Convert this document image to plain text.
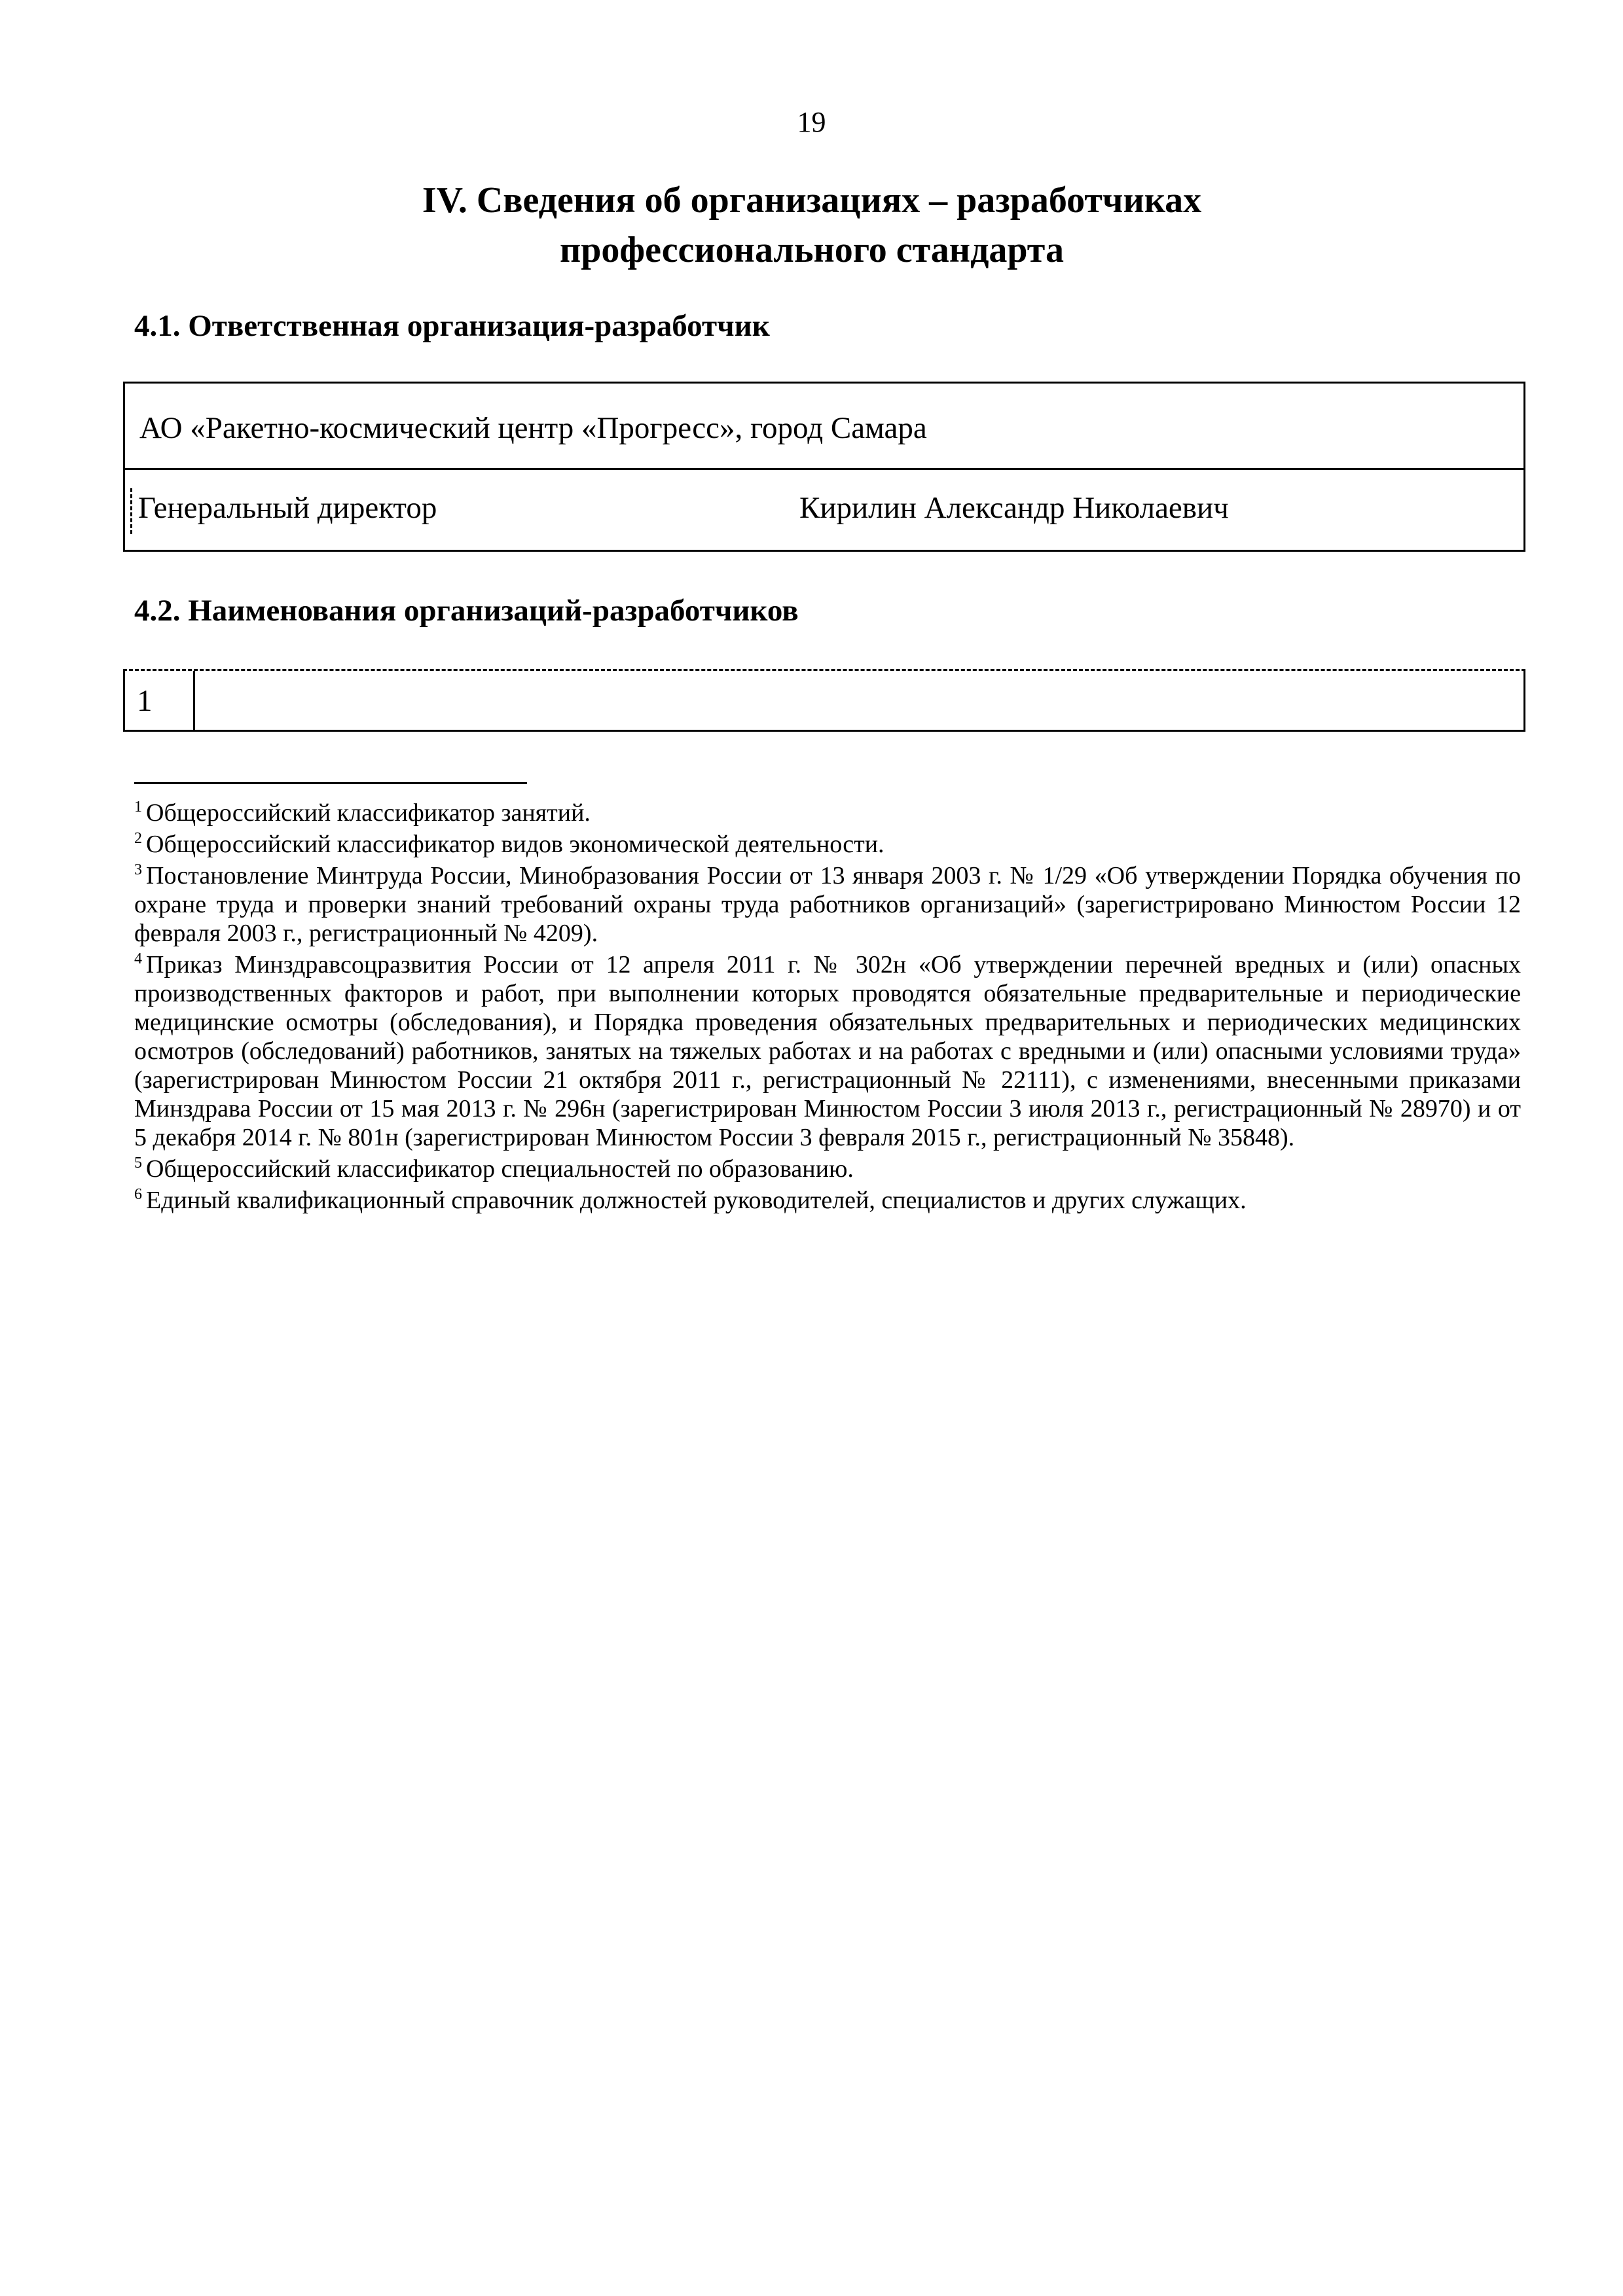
19
IV. Сведения об организациях – разработчиках
профессионального стандарта
4.1. Ответственная организация-разработчик
АО «Ракетно-космический центр «Прогресс», город Самара
Генеральный директор	Кирилин Александр Николаевич
4.2. Наименования организаций-разработчиков
1

$^1$ Общероссийский классификатор занятий.

$^2$ Общероссийский классификатор видов экономической деятельности.

$^3$ Постановление Минтруда России, Минобразования России от 13 января 2003 г. № 1/29 «Об утверждении Порядка обучения по охране труда и проверки знаний требований охраны труда работников организаций» (зарегистрировано Минюстом России 12 февраля 2003 г., регистрационный № 4209).

$^4$ Приказ Минздравсоцразвития России от 12 апреля 2011 г. № 302н «Об утверждении перечней вредных и (или) опасных производственных факторов и работ, при выполнении которых проводятся обязательные предварительные и периодические медицинские осмотры (обследования), и Порядка проведения обязательных предварительных и периодических медицинских осмотров (обследований) работников, занятых на тяжелых работах и на работах с вредными и (или) опасными условиями труда» (зарегистрирован Минюстом России 21 октября 2011 г., регистрационный № 22111), с изменениями, внесенными приказами Минздрава России от 15 мая 2013 г. № 296н (зарегистрирован Минюстом России 3 июля 2013 г., регистрационный № 28970) и от 5 декабря 2014 г. № 801н (зарегистрирован Минюстом России 3 февраля 2015 г., регистрационный № 35848).

$^5$ Общероссийский классификатор специальностей по образованию.

$^6$ Единый квалификационный справочник должностей руководителей, специалистов и других служащих.
